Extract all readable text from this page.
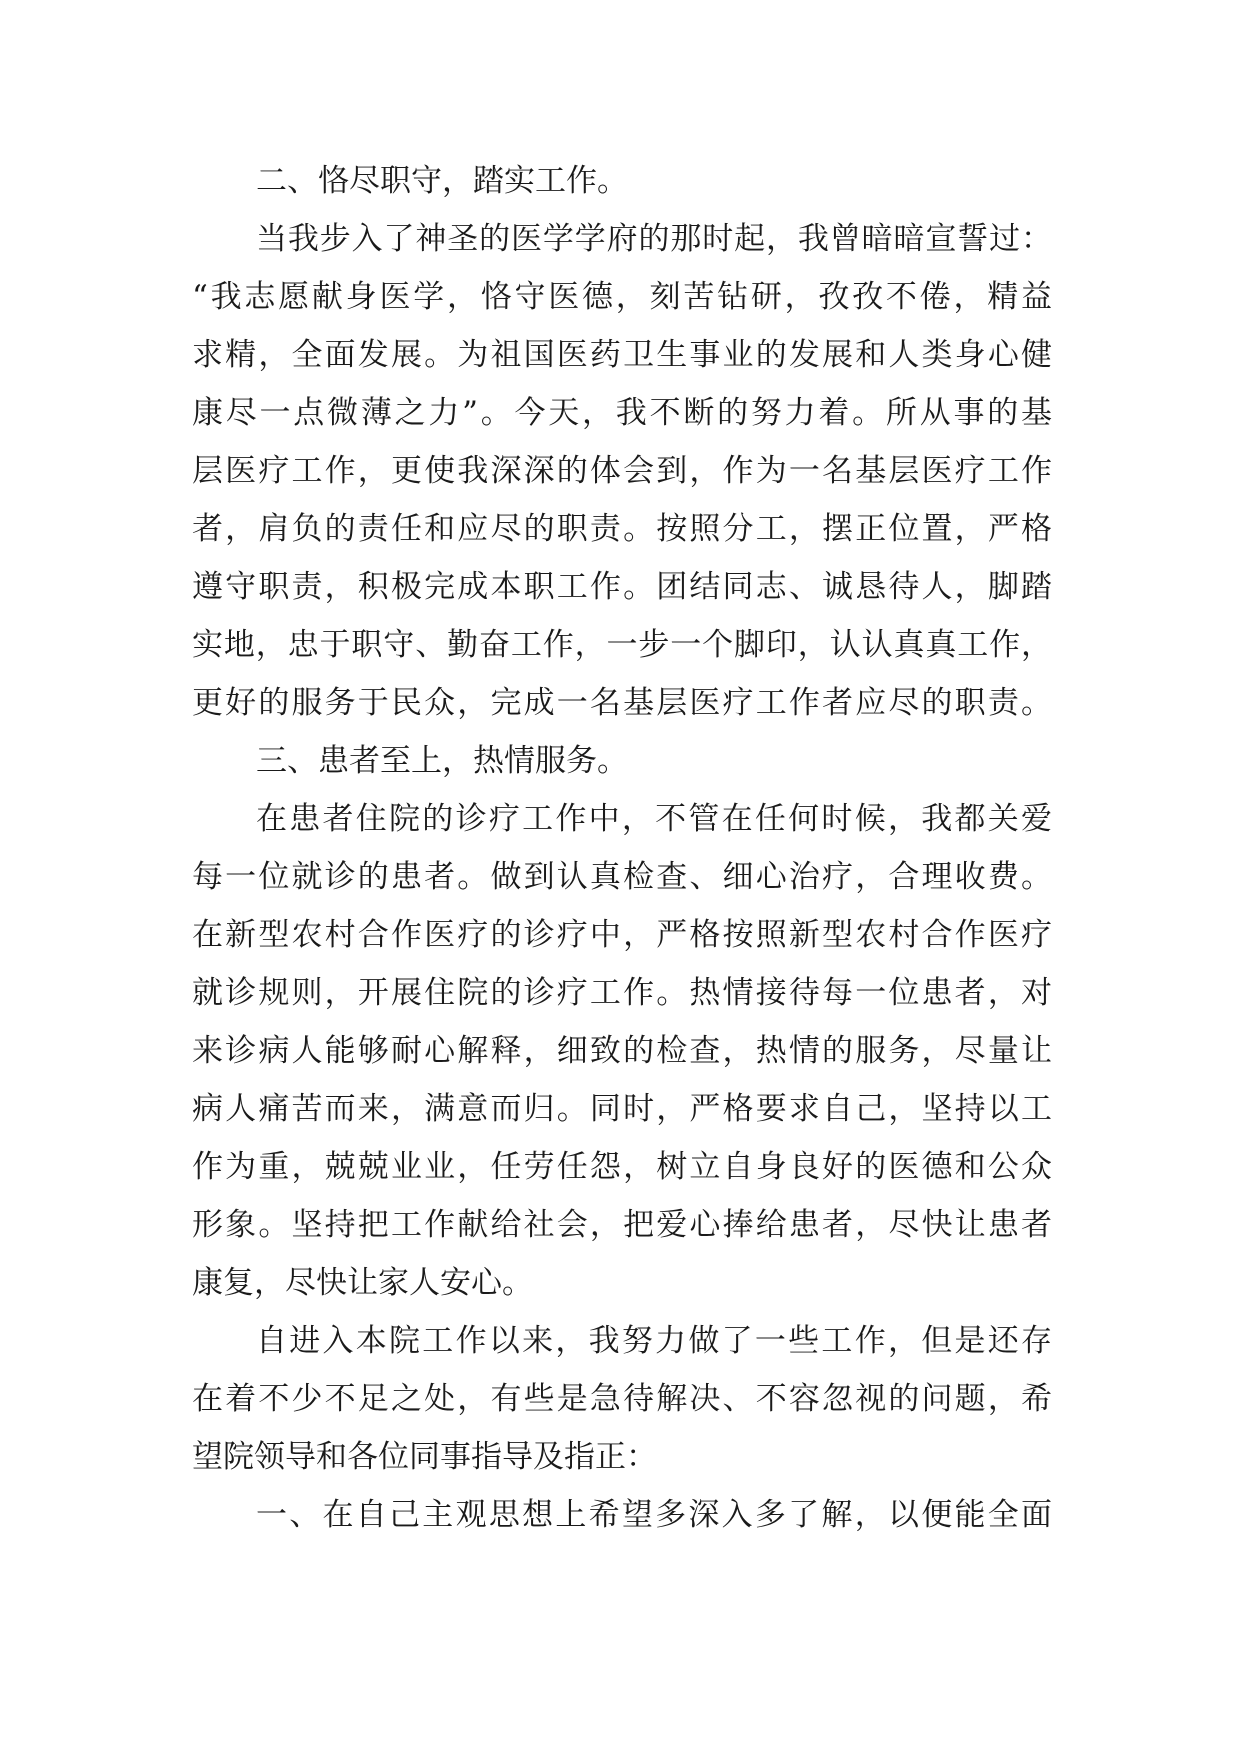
二、恪尽职守，踏实工作。
当我步入了神圣的医学学府的那时起，我曾暗暗宣誓过：
“我志愿献身医学，恪守医德，刻苦钻研，孜孜不倦，精益
求精，全面发展。为祖国医药卫生事业的发展和人类身心健
康尽一点微薄之力”。今天，我不断的努力着。所从事的基
层医疗工作，更使我深深的体会到，作为一名基层医疗工作
者，肩负的责任和应尽的职责。按照分工，摆正位置，严格
遵守职责，积极完成本职工作。团结同志、诚恳待人，脚踏
实地，忠于职守、勤奋工作，一步一个脚印，认认真真工作，
更好的服务于民众，完成一名基层医疗工作者应尽的职责。
三、患者至上，热情服务。
在患者住院的诊疗工作中，不管在任何时候，我都关爱
每一位就诊的患者。做到认真检查、细心治疗，合理收费。
在新型农村合作医疗的诊疗中，严格按照新型农村合作医疗
就诊规则，开展住院的诊疗工作。热情接待每一位患者，对
来诊病人能够耐心解释，细致的检查，热情的服务，尽量让
病人痛苦而来，满意而归。同时，严格要求自己，坚持以工
作为重，兢兢业业，任劳任怨，树立自身良好的医德和公众
形象。坚持把工作献给社会，把爱心捧给患者，尽快让患者
康复，尽快让家人安心。
自进入本院工作以来，我努力做了一些工作，但是还存
在着不少不足之处，有些是急待解决、不容忽视的问题，希
望院领导和各位同事指导及指正：
一、在自己主观思想上希望多深入多了解，以便能全面
